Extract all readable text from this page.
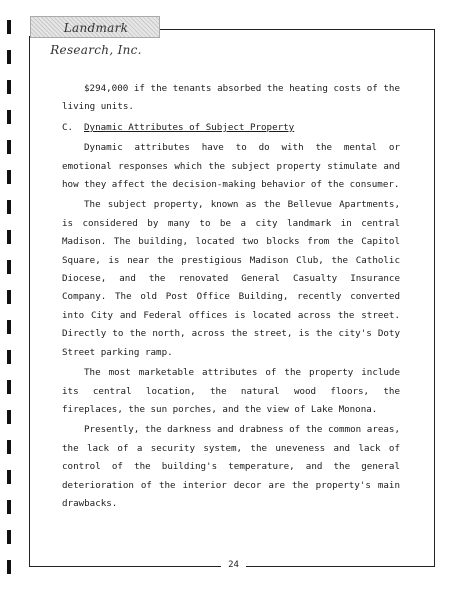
Landmark Research, Inc.

$294,000 if the tenants absorbed the heating costs of the living units.

C. Dynamic Attributes of Subject Property

Dynamic attributes have to do with the mental or emotional responses which the subject property stimulate and how they affect the decision-making behavior of the consumer.

The subject property, known as the Bellevue Apartments, is considered by many to be a city landmark in central Madison. The building, located two blocks from the Capitol Square, is near the prestigious Madison Club, the Catholic Diocese, and the renovated General Casualty Insurance Company. The old Post Office Building, recently converted into City and Federal offices is located across the street. Directly to the north, across the street, is the city's Doty Street parking ramp.

The most marketable attributes of the property include its central location, the natural wood floors, the fireplaces, the sun porches, and the view of Lake Monona.

Presently, the darkness and drabness of the common areas, the lack of a security system, the uneveness and lack of control of the building's temperature, and the general deterioration of the interior decor are the property's main drawbacks.

24
